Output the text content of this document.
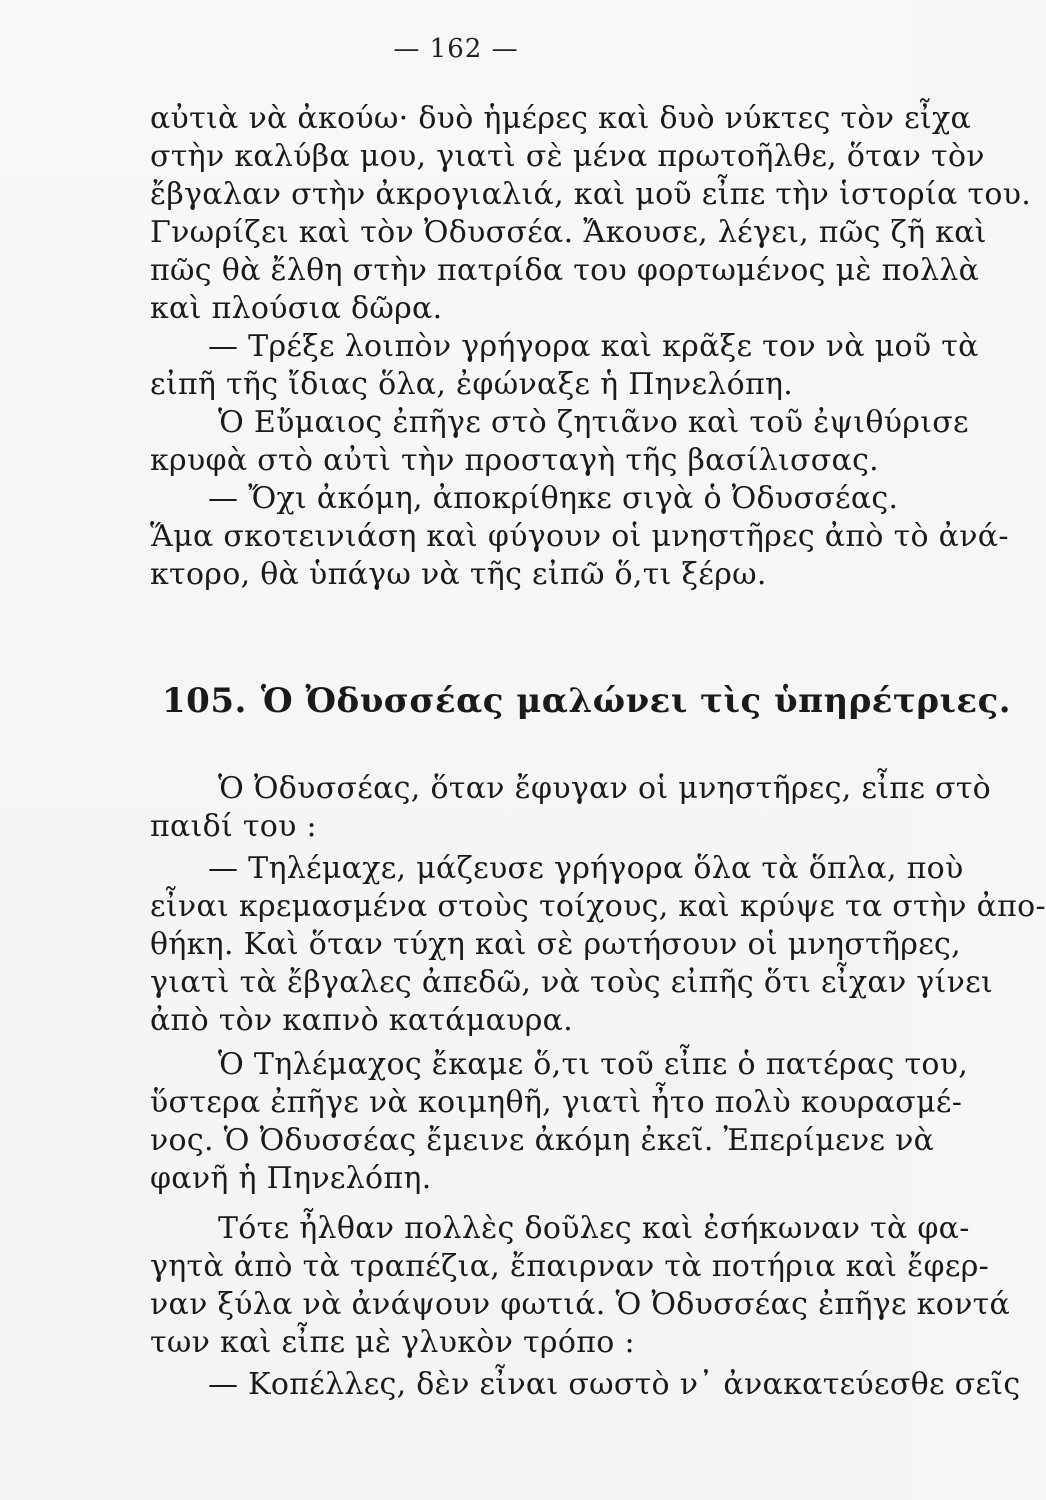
— 162 —
αὐτιὰ νὰ ἀκούω· δυὸ ἡμέρες καὶ δυὸ νύκτες τὸν εἶχα
στὴν καλύβα μου, γιατὶ σὲ μένα πρωτοῆλθε, ὅταν τὸν
ἔβγαλαν στὴν ἀκρογιαλιά, καὶ μοῦ εἶπε τὴν ἱστορία του.
Γνωρίζει καὶ τὸν Ὀδυσσέα. Ἄκουσε, λέγει, πῶς ζῆ καὶ
πῶς θὰ ἔλθη στὴν πατρίδα του φορτωμένος μὲ πολλὰ
καὶ πλούσια δῶρα.
— Τρέξε λοιπὸν γρήγορα καὶ κρᾶξε τον νὰ μοῦ τὰ
εἰπῆ τῆς ἴδιας ὅλα, ἐφώναξε ἡ Πηνελόπη.
Ὁ Εὔμαιος ἐπῆγε στὸ ζητιᾶνο καὶ τοῦ ἐψιθύρισε
κρυφὰ στὸ αὐτὶ τὴν προσταγὴ τῆς βασίλισσας.
— Ὄχι ἀκόμη, ἀποκρίθηκε σιγὰ ὁ Ὀδυσσέας.
Ἅμα σκοτεινιάση καὶ φύγουν οἱ μνηστῆρες ἀπὸ τὸ ἀνά-
κτορο, θὰ ὑπάγω νὰ τῆς εἰπῶ ὅ,τι ξέρω.
105. Ὁ Ὀδυσσέας μαλώνει τὶς ὑπηρέτριες.
Ὁ Ὀδυσσέας, ὅταν ἔφυγαν οἱ μνηστῆρες, εἶπε στὸ
παιδί του :
— Τηλέμαχε, μάζευσε γρήγορα ὅλα τὰ ὅπλα, ποὺ
εἶναι κρεμασμένα στοὺς τοίχους, καὶ κρύψε τα στὴν ἀπο-
θήκη. Καὶ ὅταν τύχη καὶ σὲ ρωτήσουν οἱ μνηστῆρες,
γιατὶ τὰ ἔβγαλες ἀπεδῶ, νὰ τοὺς εἰπῆς ὅτι εἶχαν γίνει
ἀπὸ τὸν καπνὸ κατάμαυρα.
Ὁ Τηλέμαχος ἔκαμε ὅ,τι τοῦ εἶπε ὁ πατέρας του,
ὕστερα ἐπῆγε νὰ κοιμηθῆ, γιατὶ ἦτο πολὺ κουρασμέ-
νος. Ὁ Ὀδυσσέας ἔμεινε ἀκόμη ἐκεῖ. Ἐπερίμενε νὰ
φανῆ ἡ Πηνελόπη.
Τότε ἦλθαν πολλὲς δοῦλες καὶ ἐσήκωναν τὰ φα-
γητὰ ἀπὸ τὰ τραπέζια, ἔπαιρναν τὰ ποτήρια καὶ ἔφερ-
ναν ξύλα νὰ ἀνάψουν φωτιά. Ὁ Ὀδυσσέας ἐπῆγε κοντά
των καὶ εἶπε μὲ γλυκὸν τρόπο :
— Κοπέλλες, δὲν εἶναι σωστὸ ν᾽ ἀνακατεύεσθε σεῖς
